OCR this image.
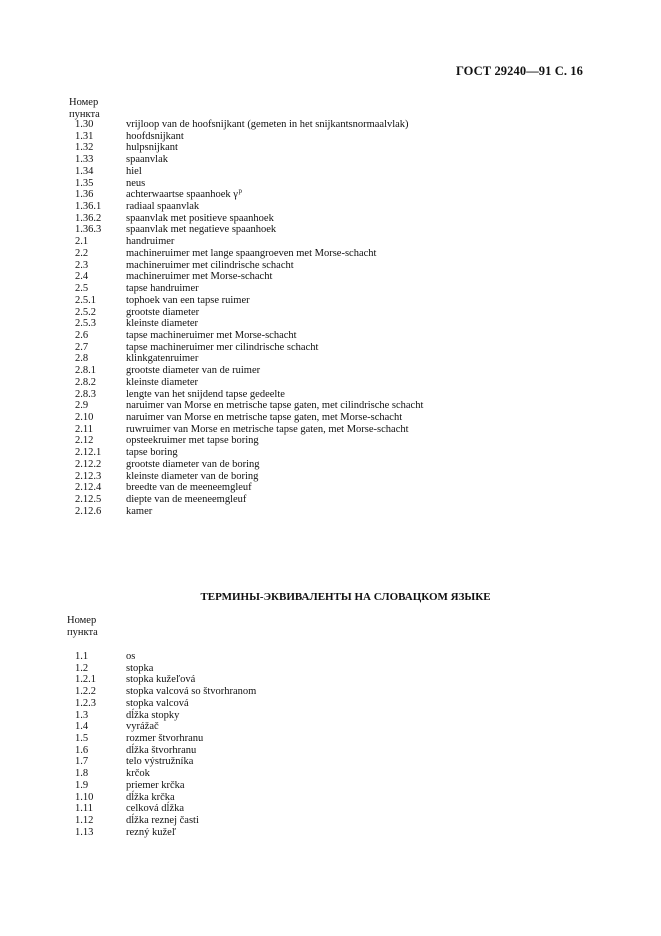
ГОСТ 29240—91 С. 16
Номер
пункта
1.30	vrijloop van de hoofsnijkant (gemeten in het snijkantsnormaalvlak)
1.31	hoofdsnijkant
1.32	hulpsnijkant
1.33	spaanvlak
1.34	hiel
1.35	neus
1.36	achterwaartse spaanhoek γ p
1.36.1 radiaal spaanvlak
1.36.2 spaanvlak met positieve spaanhoek
1.36.3 spaanvlak met negatieve spaanhoek
2.1	handruimer
2.2	machineruimer met lange spaangroeven met Morse-schacht
2.3	machineruimer met cilindrische schacht
2.4	machineruimer met Morse-schacht
2.5	tapse handruimer
2.5.1	tophoek van een tapse ruimer
2.5.2	grootste diameter
2.5.3	kleinste diameter
2.6	tapse machineruimer met Morse-schacht
2.7	tapse machineruimer mer cilindrische schacht
2.8	klinkgatenruimer
2.8.1	grootste diameter van de ruimer
2.8.2	kleinste diameter
2.8.3	lengte van het snijdend tapse gedeelte
2.9	naruimer van Morse en metrische tapse gaten, met cilindrische schacht
2.10	naruimer van Morse en metrische tapse gaten, met Morse-schacht
2.11	ruwruimer van Morse en metrische tapse gaten, met Morse-schacht
2.12	opsteekruimer met tapse boring
2.12.1 tapse boring
2.12.2 grootste diameter van de boring
2.12.3 kleinste diameter van de boring
2.12.4 breedte van de meeneemgleuf
2.12.5 diepte van de meeneemgleuf
2.12.6 kamer
ТЕРМИНЫ-ЭКВИВАЛЕНТЫ НА СЛОВАЦКОМ ЯЗЫКЕ
Номер
пункта
1.1	os
1.2	stopka
1.2.1	stopka kužeľová
1.2.2	stopka valcová so štvorhranom
1.2.3	stopka valcová
1.3	dĺžka stopky
1.4	vyrážač
1.5	rozmer štvorhranu
1.6	dĺžka štvorhranu
1.7	telo výstružníka
1.8	krčok
1.9	priemer krčka
1.10	dĺžka krčka
1.11	celková dĺžka
1.12	dĺžka reznej časti
1.13	rezný kužeľ
